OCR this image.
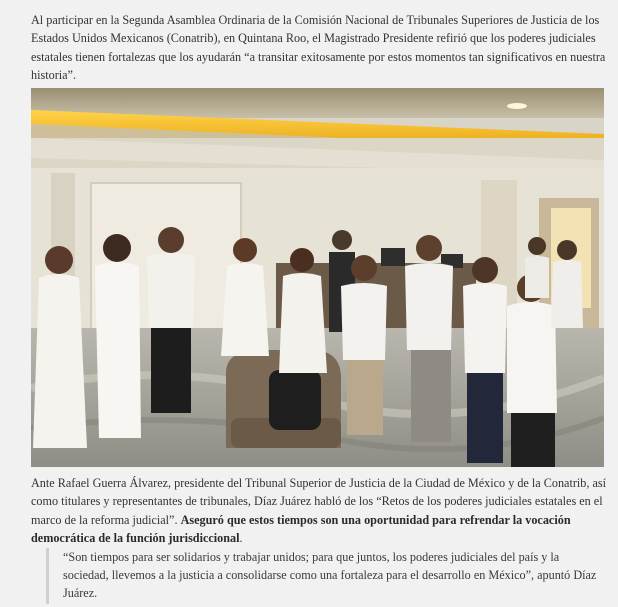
Al participar en la Segunda Asamblea Ordinaria de la Comisión Nacional de Tribunales Superiores de Justicia de los Estados Unidos Mexicanos (Conatrib), en Quintana Roo, el Magistrado Presidente refirió que los poderes judiciales estatales tienen fortalezas que los ayudarán “a transitar exitosamente por estos momentos tan significativos en nuestra historia”.

Ante Rafael Guerra Álvarez, presidente del Tribunal Superior de Justicia de la Ciudad de México y de la Conatrib, así como titulares y representantes de tribunales, Díaz Juárez habló de los “Retos de los poderes judiciales estatales en el marco de la reforma judicial”. Aseguró que estos tiempos son una oportunidad para refrendar la vocación democrática de la función jurisdiccional.

“Son tiempos para ser solidarios y trabajar unidos; para que juntos, los poderes judiciales del país y la sociedad, llevemos a la justicia a consolidarse como una fortaleza para el desarrollo en México”, apuntó Díaz Juárez.
